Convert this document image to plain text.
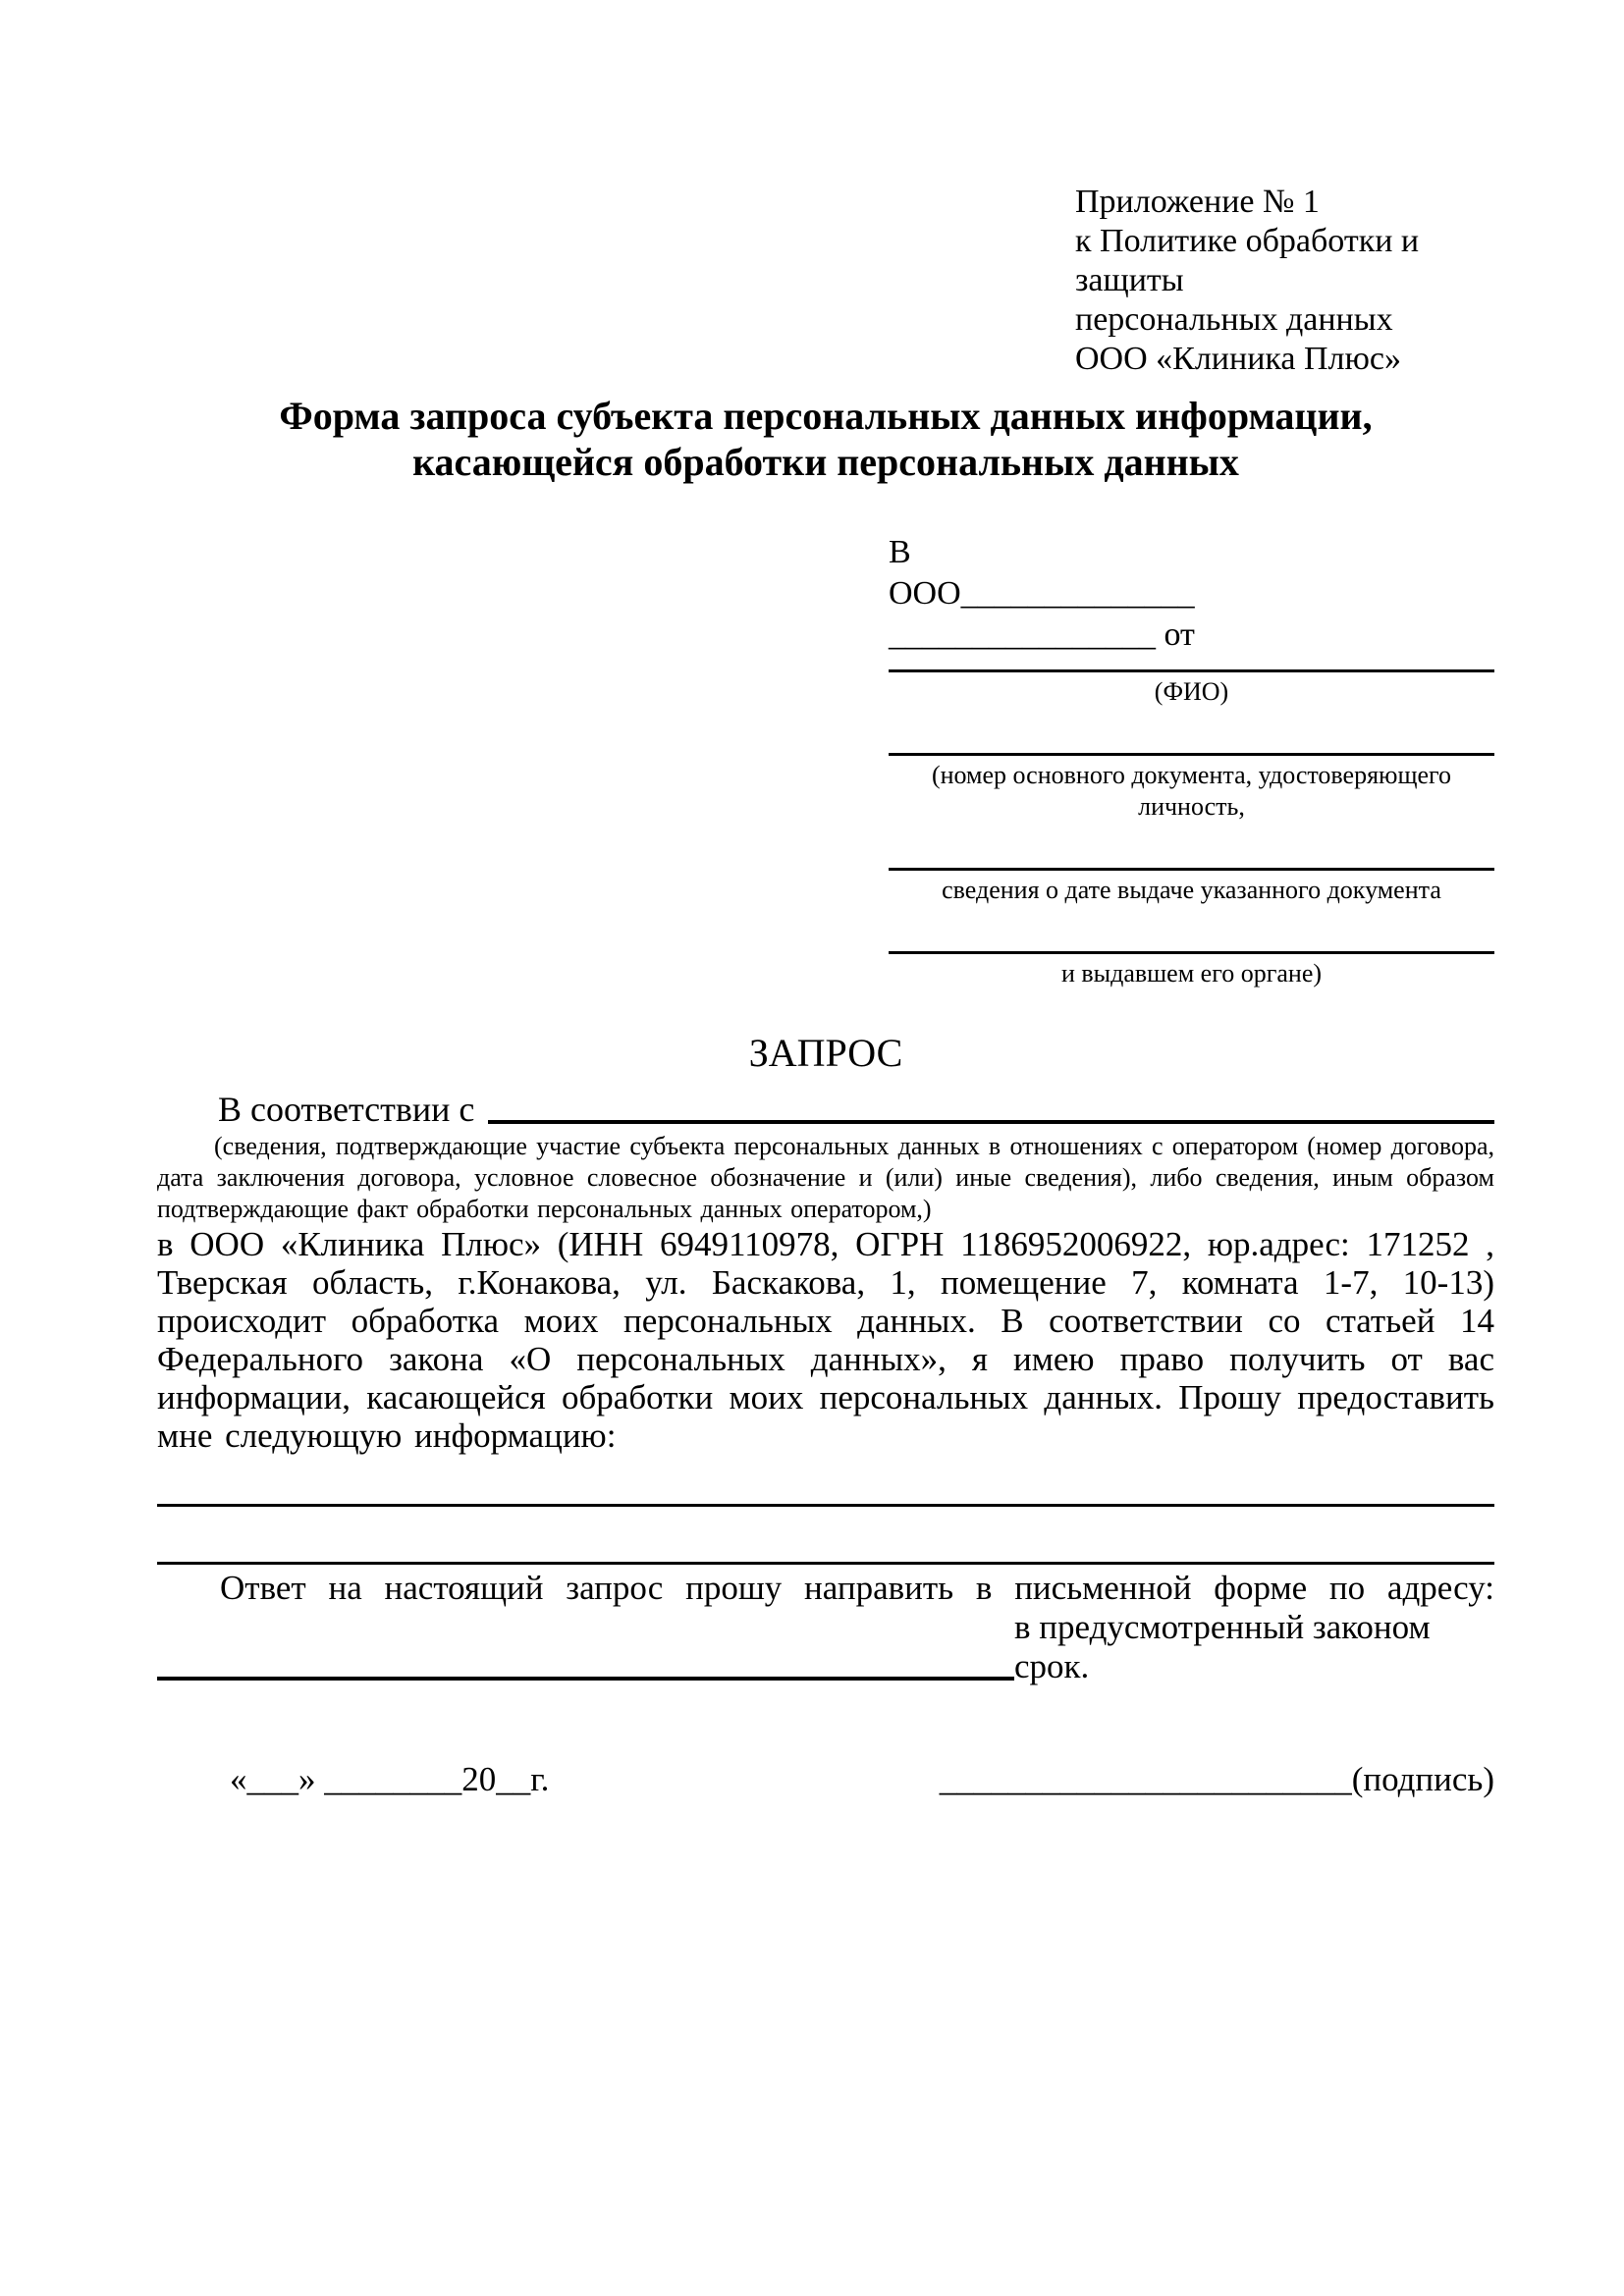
Приложение № 1
к Политике обработки и защиты
персональных данных
ООО «Клиника Плюс»
Форма запроса субъекта персональных данных информации,
касающейся обработки персональных данных
В
ООО______________
________________ от
(ФИО)
(номер основного документа, удостоверяющего личность,
сведения о дате выдаче указанного документа
и выдавшем его органе)
ЗАПРОС
В соответствии с
(сведения, подтверждающие участие субъекта персональных данных в отношениях с оператором (номер договора, дата заключения договора, условное словесное обозначение и (или) иные сведения), либо сведения, иным образом подтверждающие факт обработки персональных данных оператором,)
в ООО «Клиника Плюс» (ИНН 6949110978, ОГРН 1186952006922, юр.адрес: 171252 , Тверская область, г.Конакова, ул. Баскакова, 1, помещение 7, комната 1-7, 10-13) происходит обработка моих персональных данных. В соответствии со статьей 14 Федерального закона «О персональных данных», я имею право получить от вас информации, касающейся обработки моих персональных данных. Прошу предоставить мне следующую информацию:
Ответ на настоящий запрос прошу направить в письменной форме по адресу:
в предусмотренный законом срок.
«___» ________20__г.	________________________(подпись)
